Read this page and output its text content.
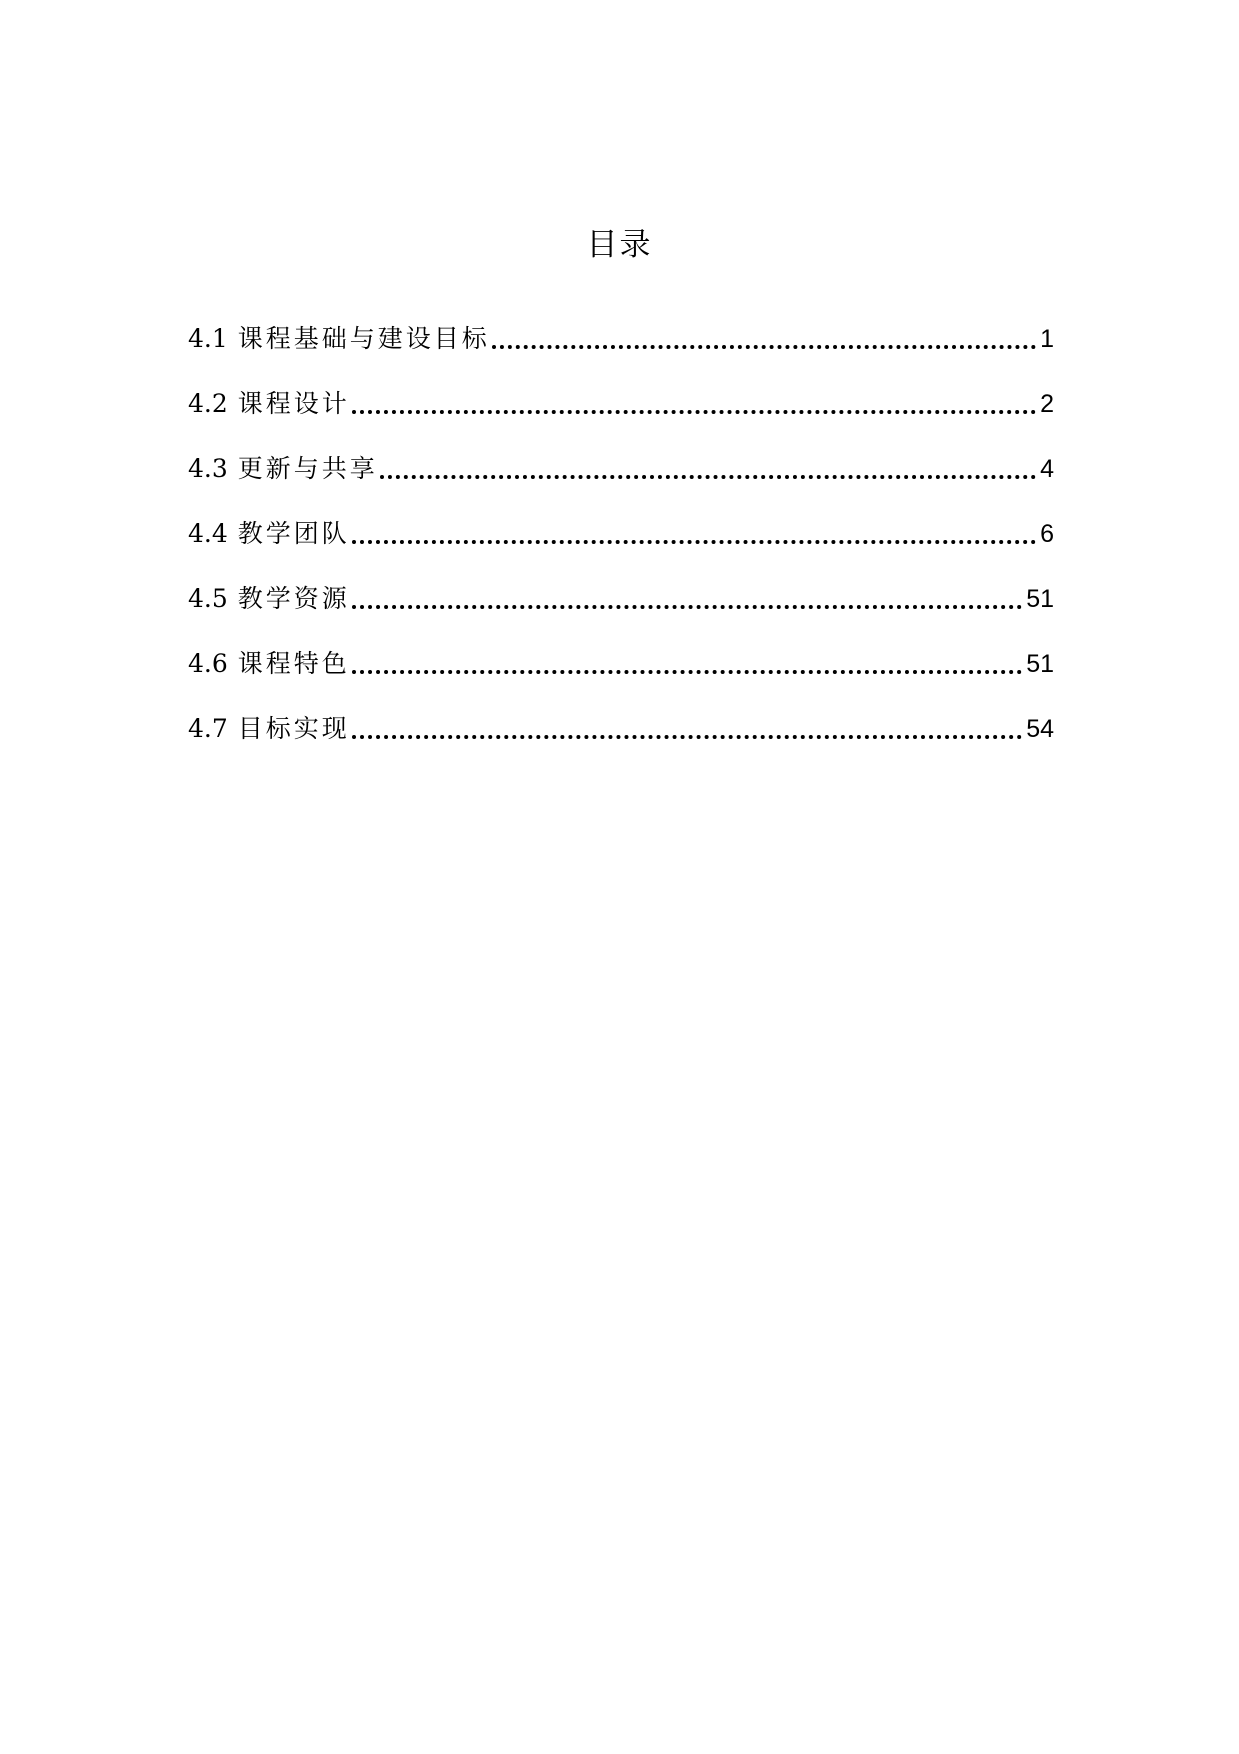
目录
4.1 课程基础与建设目标	1
4.2 课程设计	2
4.3 更新与共享	4
4.4 教学团队	6
4.5 教学资源	51
4.6 课程特色	51
4.7 目标实现	54
